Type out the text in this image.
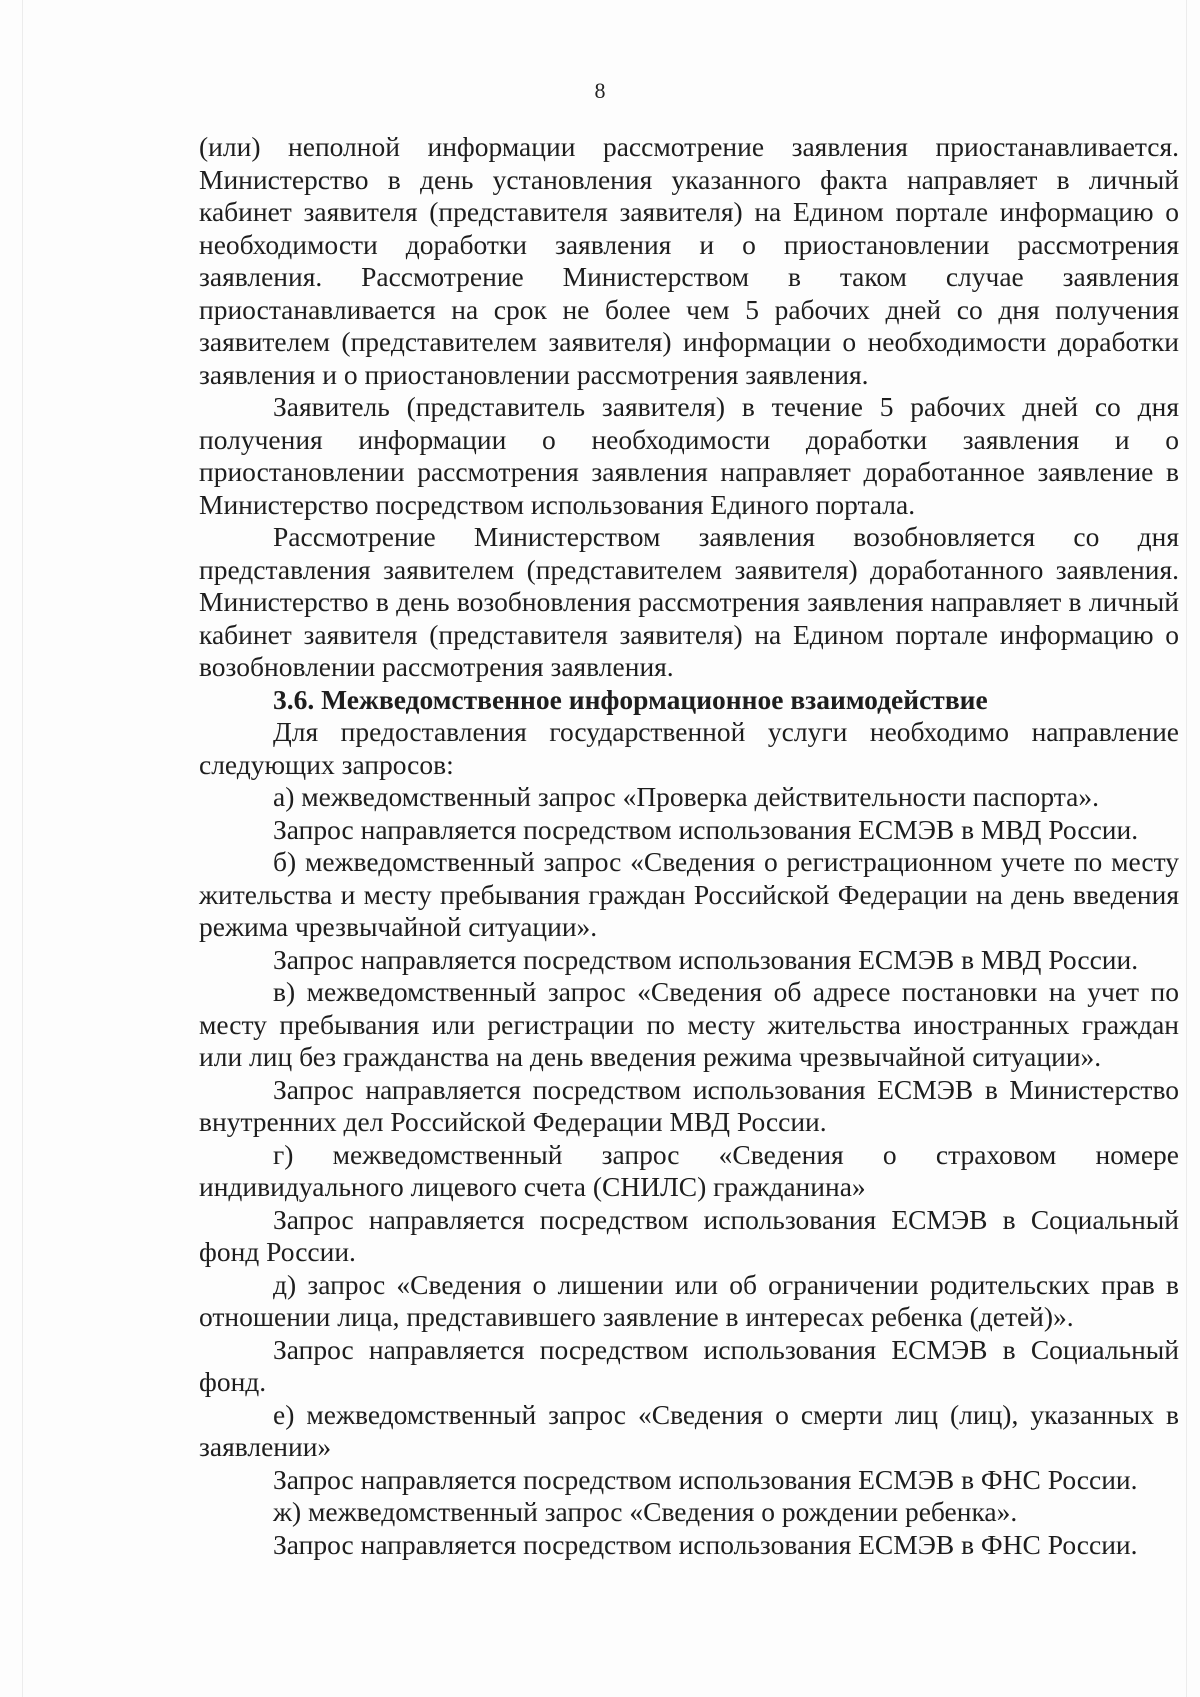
8

(или) неполной информации рассмотрение заявления приостанавливается. Министерство в день установления указанного факта направляет в личный кабинет заявителя (представителя заявителя) на Едином портале информацию о необходимости доработки заявления и о приостановлении рассмотрения заявления. Рассмотрение Министерством в таком случае заявления приостанавливается на срок не более чем 5 рабочих дней со дня получения заявителем (представителем заявителя) информации о необходимости доработки заявления и о приостановлении рассмотрения заявления.

Заявитель (представитель заявителя) в течение 5 рабочих дней со дня получения информации о необходимости доработки заявления и о приостановлении рассмотрения заявления направляет доработанное заявление в Министерство посредством использования Единого портала.

Рассмотрение Министерством заявления возобновляется со дня представления заявителем (представителем заявителя) доработанного заявления. Министерство в день возобновления рассмотрения заявления направляет в личный кабинет заявителя (представителя заявителя) на Едином портале информацию о возобновлении рассмотрения заявления.

3.6. Межведомственное информационное взаимодействие

Для предоставления государственной услуги необходимо направление следующих запросов:

а) межведомственный запрос «Проверка действительности паспорта».

Запрос направляется посредством использования ЕСМЭВ в МВД России.

б) межведомственный запрос «Сведения о регистрационном учете по месту жительства и месту пребывания граждан Российской Федерации на день введения режима чрезвычайной ситуации».

Запрос направляется посредством использования ЕСМЭВ в МВД России.

в) межведомственный запрос «Сведения об адресе постановки на учет по месту пребывания или регистрации по месту жительства иностранных граждан или лиц без гражданства на день введения режима чрезвычайной ситуации».

Запрос направляется посредством использования ЕСМЭВ в Министерство внутренних дел Российской Федерации МВД России.

г) межведомственный запрос «Сведения о страховом номере индивидуального лицевого счета (СНИЛС) гражданина»

Запрос направляется посредством использования ЕСМЭВ в Социальный фонд России.

д) запрос «Сведения о лишении или об ограничении родительских прав в отношении лица, представившего заявление в интересах ребенка (детей)».

Запрос направляется посредством использования ЕСМЭВ в Социальный фонд.

е) межведомственный запрос «Сведения о смерти лиц (лиц), указанных в заявлении»

Запрос направляется посредством использования ЕСМЭВ в ФНС России.

ж) межведомственный запрос «Сведения о рождении ребенка».

Запрос направляется посредством использования ЕСМЭВ в ФНС России.
